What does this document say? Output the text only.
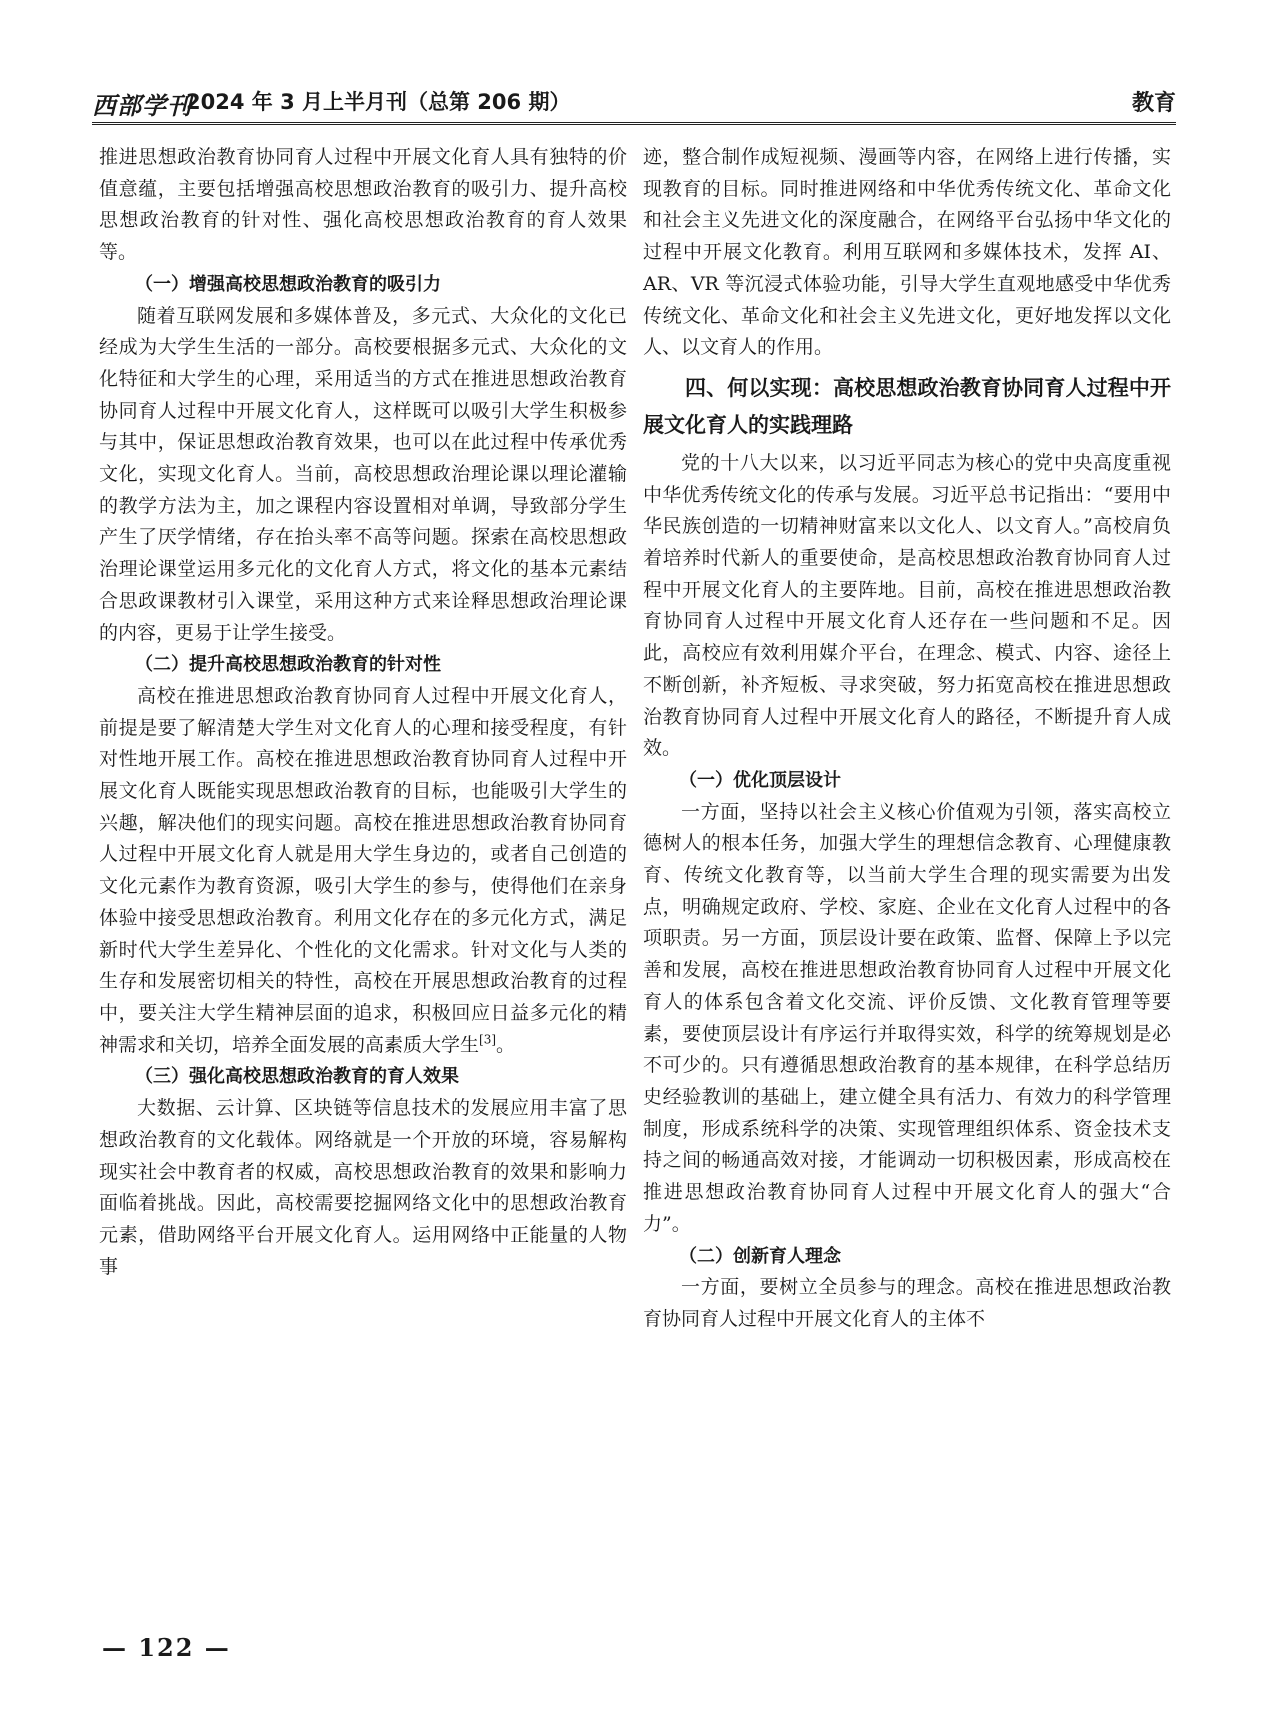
西部学刊
2024 年 3 月上半月刊（总第 206 期）	教育

推进思想政治教育协同育人过程中开展文化育人具有独特的价值意蕴，主要包括增强高校思想政治教育的吸引力、提升高校思想政治教育的针对性、强化高校思想政治教育的育人效果等。

（一）增强高校思想政治教育的吸引力

随着互联网发展和多媒体普及，多元式、大众化的文化已经成为大学生生活的一部分。高校要根据多元式、大众化的文化特征和大学生的心理，采用适当的方式在推进思想政治教育协同育人过程中开展文化育人，这样既可以吸引大学生积极参与其中，保证思想政治教育效果，也可以在此过程中传承优秀文化，实现文化育人。当前，高校思想政治理论课以理论灌输的教学方法为主，加之课程内容设置相对单调，导致部分学生产生了厌学情绪，存在抬头率不高等问题。探索在高校思想政治理论课堂运用多元化的文化育人方式，将文化的基本元素结合思政课教材引入课堂，采用这种方式来诠释思想政治理论课的内容，更易于让学生接受。

（二）提升高校思想政治教育的针对性

高校在推进思想政治教育协同育人过程中开展文化育人，前提是要了解清楚大学生对文化育人的心理和接受程度，有针对性地开展工作。高校在推进思想政治教育协同育人过程中开展文化育人既能实现思想政治教育的目标，也能吸引大学生的兴趣，解决他们的现实问题。高校在推进思想政治教育协同育人过程中开展文化育人就是用大学生身边的，或者自己创造的文化元素作为教育资源，吸引大学生的参与，使得他们在亲身体验中接受思想政治教育。利用文化存在的多元化方式，满足新时代大学生差异化、个性化的文化需求。针对文化与人类的生存和发展密切相关的特性，高校在开展思想政治教育的过程中，要关注大学生精神层面的追求，积极回应日益多元化的精神需求和关切，培养全面发展的高素质大学生[3]。

（三）强化高校思想政治教育的育人效果

大数据、云计算、区块链等信息技术的发展应用丰富了思想政治教育的文化载体。网络就是一个开放的环境，容易解构现实社会中教育者的权威，高校思想政治教育的效果和影响力面临着挑战。因此，高校需要挖掘网络文化中的思想政治教育元素，借助网络平台开展文化育人。运用网络中正能量的人物事

迹，整合制作成短视频、漫画等内容，在网络上进行传播，实现教育的目标。同时推进网络和中华优秀传统文化、革命文化和社会主义先进文化的深度融合，在网络平台弘扬中华文化的过程中开展文化教育。利用互联网和多媒体技术，发挥 AI、AR、VR 等沉浸式体验功能，引导大学生直观地感受中华优秀传统文化、革命文化和社会主义先进文化，更好地发挥以文化人、以文育人的作用。

四、何以实现：高校思想政治教育协同育人过程中开展文化育人的实践理路

党的十八大以来，以习近平同志为核心的党中央高度重视中华优秀传统文化的传承与发展。习近平总书记指出：“要用中华民族创造的一切精神财富来以文化人、以文育人。”高校肩负着培养时代新人的重要使命，是高校思想政治教育协同育人过程中开展文化育人的主要阵地。目前，高校在推进思想政治教育协同育人过程中开展文化育人还存在一些问题和不足。因此，高校应有效利用媒介平台，在理念、模式、内容、途径上不断创新，补齐短板、寻求突破，努力拓宽高校在推进思想政治教育协同育人过程中开展文化育人的路径，不断提升育人成效。

（一）优化顶层设计

一方面，坚持以社会主义核心价值观为引领，落实高校立德树人的根本任务，加强大学生的理想信念教育、心理健康教育、传统文化教育等，以当前大学生合理的现实需要为出发点，明确规定政府、学校、家庭、企业在文化育人过程中的各项职责。另一方面，顶层设计要在政策、监督、保障上予以完善和发展，高校在推进思想政治教育协同育人过程中开展文化育人的体系包含着文化交流、评价反馈、文化教育管理等要素，要使顶层设计有序运行并取得实效，科学的统筹规划是必不可少的。只有遵循思想政治教育的基本规律，在科学总结历史经验教训的基础上，建立健全具有活力、有效力的科学管理制度，形成系统科学的决策、实现管理组织体系、资金技术支持之间的畅通高效对接，才能调动一切积极因素，形成高校在推进思想政治教育协同育人过程中开展文化育人的强大“合力”。

（二）创新育人理念

一方面，要树立全员参与的理念。高校在推进思想政治教育协同育人过程中开展文化育人的主体不

— 122 —
